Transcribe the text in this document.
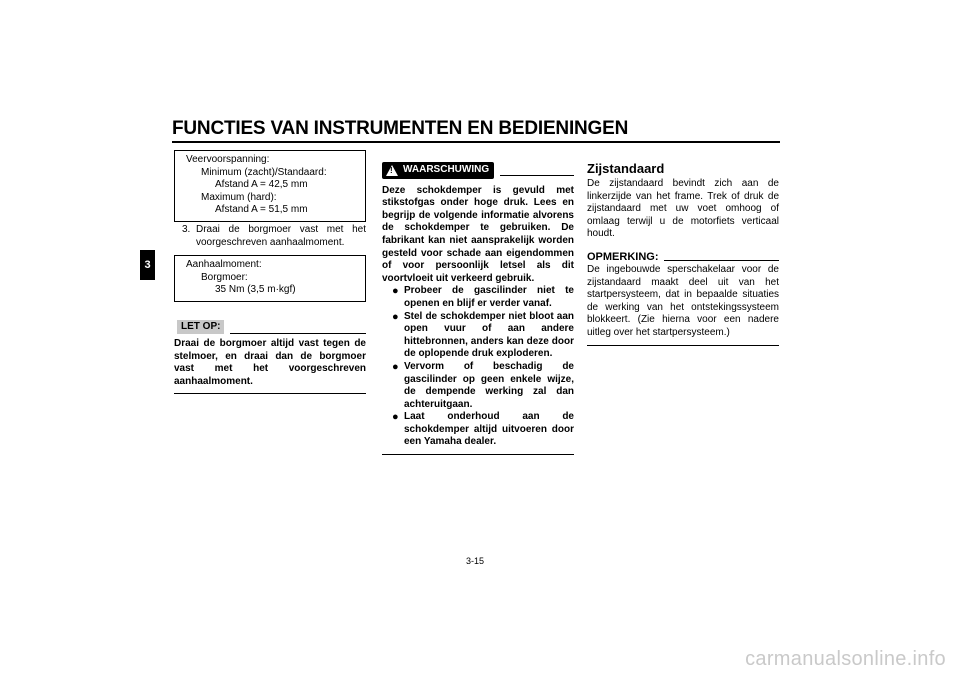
FUNCTIES VAN INSTRUMENTEN EN BEDIENINGEN
3
Veervoorspanning:
Minimum (zacht)/Standaard:
Afstand A = 42,5 mm
Maximum (hard):
Afstand A = 51,5 mm
3. Draai de borgmoer vast met het voorgeschreven aanhaalmoment.
Aanhaalmoment:
Borgmoer:
35 Nm (3,5 m·kgf)
LET OP:
Draai de borgmoer altijd vast tegen de stelmoer, en draai dan de borgmoer vast met het voorgeschreven aanhaalmoment.
! WAARSCHUWING
Deze schokdemper is gevuld met stikstofgas onder hoge druk. Lees en begrijp de volgende informatie alvorens de schokdemper te gebruiken. De fabrikant kan niet aansprakelijk worden gesteld voor schade aan eigendommen of voor persoonlijk letsel als dit voortvloeit uit verkeerd gebruik.
● Probeer de gascilinder niet te openen en blijf er verder vanaf.
● Stel de schokdemper niet bloot aan open vuur of aan andere hittebronnen, anders kan deze door de oplopende druk exploderen.
● Vervorm of beschadig de gascilinder op geen enkele wijze, de dempende werking zal dan achteruitgaan.
● Laat onderhoud aan de schokdemper altijd uitvoeren door een Yamaha dealer.
Zijstandaard
De zijstandaard bevindt zich aan de linkerzijde van het frame. Trek of druk de zijstandaard met uw voet omhoog of omlaag terwijl u de motorfiets verticaal houdt.
OPMERKING:
De ingebouwde sperschakelaar voor de zijstandaard maakt deel uit van het startpersysteem, dat in bepaalde situaties de werking van het ontstekingssysteem blokkeert. (Zie hierna voor een nadere uitleg over het startpersysteem.)
3-15
carmanualsonline.info
